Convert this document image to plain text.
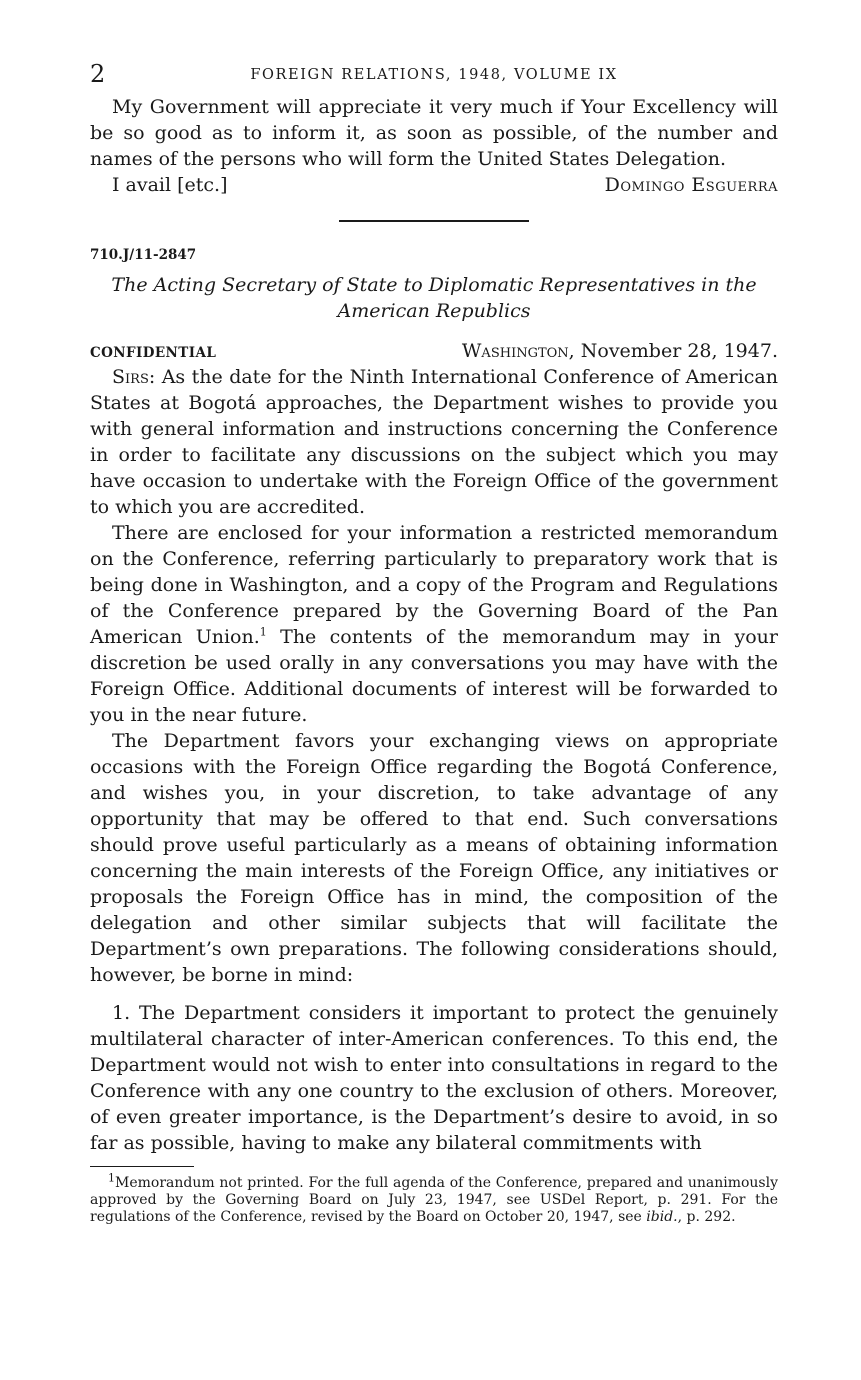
2	FOREIGN RELATIONS, 1948, VOLUME IX

My Government will appreciate it very much if Your Excellency will be so good as to inform it, as soon as possible, of the number and names of the persons who will form the United States Delegation.

I avail [etc.]	Domingo Esguerra
710.J/11-2847
The Acting Secretary of State to Diplomatic Representatives in the American Republics
CONFIDENTIAL	Washington, November 28, 1947.

Sirs: As the date for the Ninth International Conference of American States at Bogotá approaches, the Department wishes to provide you with general information and instructions concerning the Conference in order to facilitate any discussions on the subject which you may have occasion to undertake with the Foreign Office of the government to which you are accredited.

There are enclosed for your information a restricted memorandum on the Conference, referring particularly to preparatory work that is being done in Washington, and a copy of the Program and Regulations of the Conference prepared by the Governing Board of the Pan American Union.$^1$ The contents of the memorandum may in your discretion be used orally in any conversations you may have with the Foreign Office. Additional documents of interest will be forwarded to you in the near future.

The Department favors your exchanging views on appropriate occasions with the Foreign Office regarding the Bogotá Conference, and wishes you, in your discretion, to take advantage of any opportunity that may be offered to that end. Such conversations should prove useful particularly as a means of obtaining information concerning the main interests of the Foreign Office, any initiatives or proposals the Foreign Office has in mind, the composition of the delegation and other similar subjects that will facilitate the Department’s own preparations. The following considerations should, however, be borne in mind:

1. The Department considers it important to protect the genuinely multilateral character of inter-American conferences. To this end, the Department would not wish to enter into consultations in regard to the Conference with any one country to the exclusion of others. Moreover, of even greater importance, is the Department’s desire to avoid, in so far as possible, having to make any bilateral commitments with

$^1$Memorandum not printed. For the full agenda of the Conference, prepared and unanimously approved by the Governing Board on July 23, 1947, see USDel Report, p. 291. For the regulations of the Conference, revised by the Board on October 20, 1947, see ibid., p. 292.
